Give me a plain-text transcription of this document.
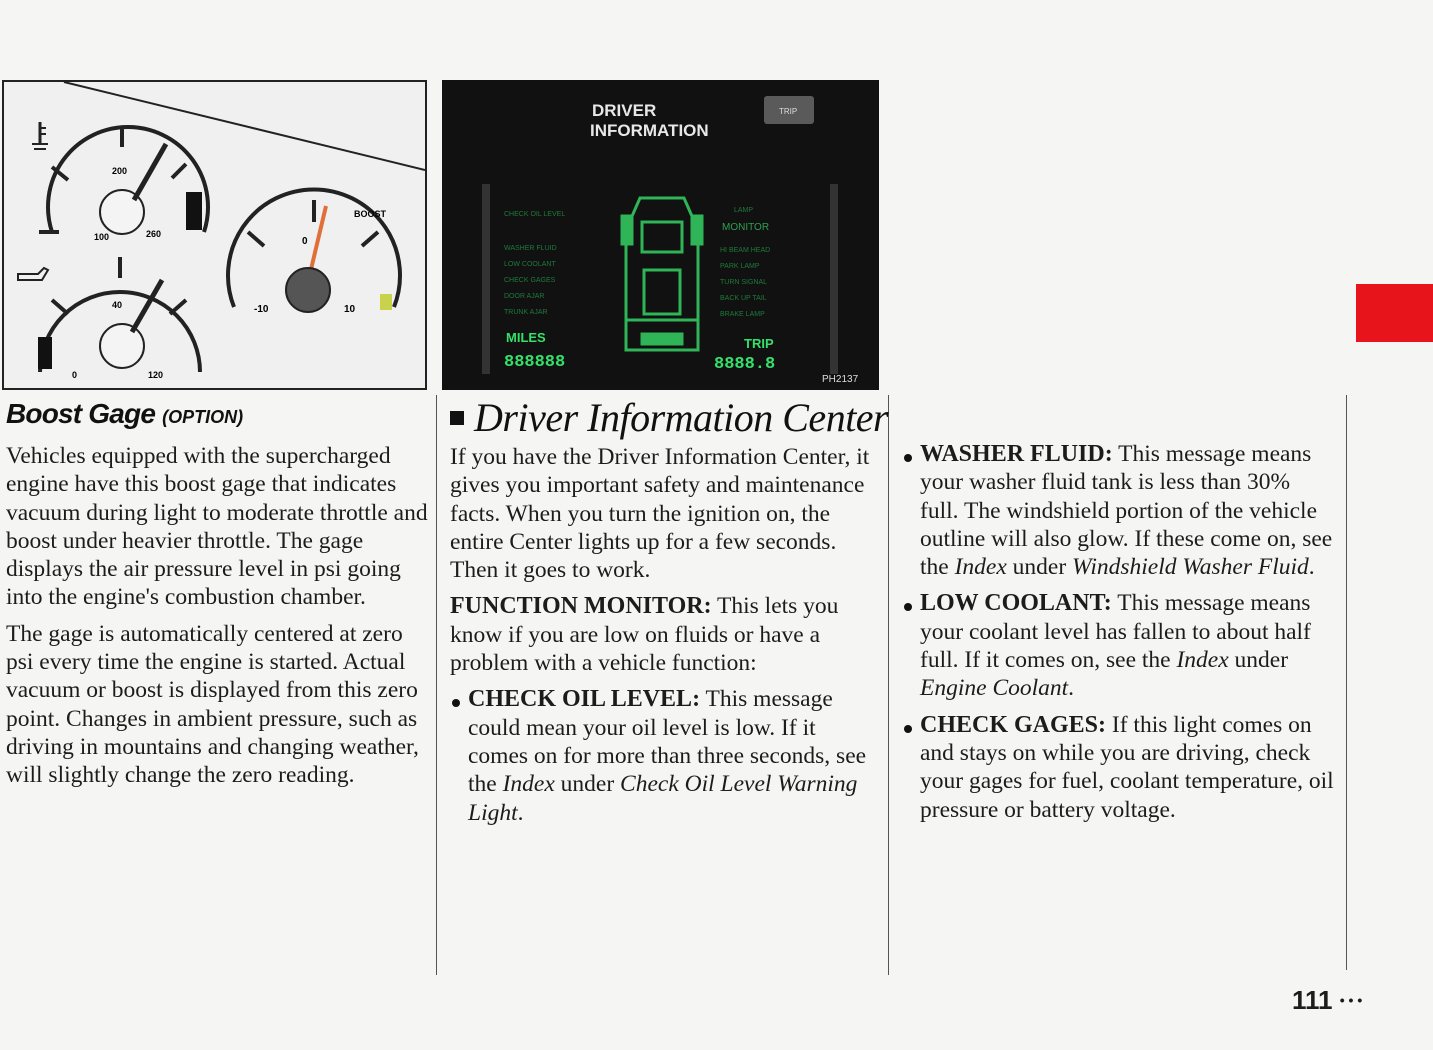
100
200
260
0
40
120
BOOST
-10
0
10
DRIVER
INFORMATION
TRIP
CHECK OIL LEVEL
WASHER FLUID
LOW COOLANT
CHECK GAGES
DOOR AJAR
TRUNK AJAR
LAMP
MONITOR
HI BEAM HEAD
PARK LAMP
TURN SIGNAL
BACK UP TAIL
BRAKE LAMP
MILES
888888
TRIP
8888.8
PH2137
Boost Gage (OPTION)

Vehicles equipped with the supercharged engine have this boost gage that indicates vacuum during light to moderate throttle and boost under heavier throttle. The gage displays the air pressure level in psi going into the engine's combustion chamber.

The gage is automatically centered at zero psi every time the engine is started. Actual vacuum or boost is displayed from this zero point. Changes in ambient pressure, such as driving in mountains and changing weather, will slightly change the zero reading.

Driver Information Center

If you have the Driver Information Center, it gives you important safety and maintenance facts. When you turn the ignition on, the entire Center lights up for a few seconds. Then it goes to work.

FUNCTION MONITOR: This lets you know if you are low on fluids or have a problem with a vehicle function:

CHECK OIL LEVEL: This message could mean your oil level is low. If it comes on for more than three seconds, see the Index under Check Oil Level Warning Light.
WASHER FLUID: This message means your washer fluid tank is less than 30% full. The windshield portion of the vehicle outline will also glow. If these come on, see the Index under Windshield Washer Fluid.
LOW COOLANT: This message means your coolant level has fallen to about half full. If it comes on, see the Index under Engine Coolant.
CHECK GAGES: If this light comes on and stays on while you are driving, check your gages for fuel, coolant temperature, oil pressure or battery voltage.
111 • • •
